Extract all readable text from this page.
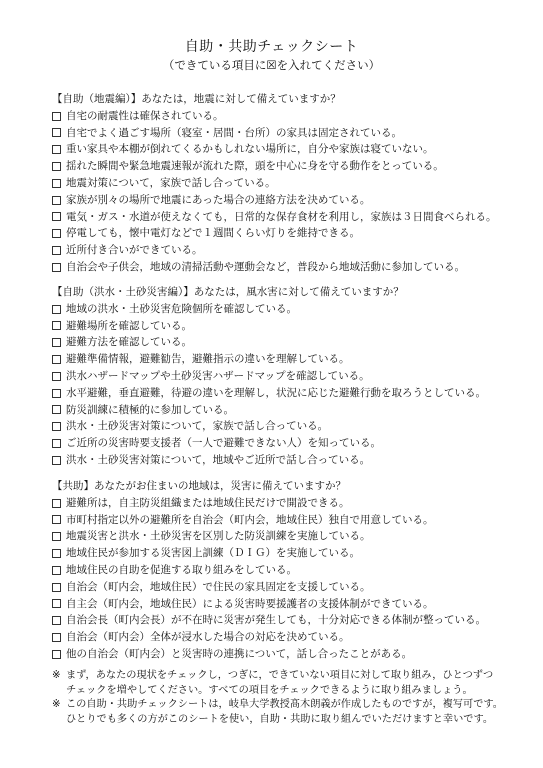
自助・共助チェックシート
（できている項目に☒を入れてください）
【自助（地震編）】あなたは，地震に対して備えていますか？
自宅の耐震性は確保されている。
自宅でよく過ごす場所（寝室・居間・台所）の家具は固定されている。
重い家具や本棚が倒れてくるかもしれない場所に，自分や家族は寝ていない。
揺れた瞬間や緊急地震速報が流れた際，頭を中心に身を守る動作をとっている。
地震対策について，家族で話し合っている。
家族が別々の場所で地震にあった場合の連絡方法を決めている。
電気・ガス・水道が使えなくても，日常的な保存食材を利用し，家族は３日間食べられる。
停電しても，懐中電灯などで１週間くらい灯りを維持できる。
近所付き合いができている。
自治会や子供会，地域の清掃活動や運動会など，普段から地域活動に参加している。
【自助（洪水・土砂災害編）】あなたは，風水害に対して備えていますか？
地域の洪水・土砂災害危険個所を確認している。
避難場所を確認している。
避難方法を確認している。
避難準備情報，避難勧告，避難指示の違いを理解している。
洪水ハザードマップや土砂災害ハザードマップを確認している。
水平避難，垂直避難，待避の違いを理解し，状況に応じた避難行動を取ろうとしている。
防災訓練に積極的に参加している。
洪水・土砂災害対策について，家族で話し合っている。
ご近所の災害時要支援者（一人で避難できない人）を知っている。
洪水・土砂災害対策について，地域やご近所で話し合っている。
【共助】あなたがお住まいの地域は，災害に備えていますか？
避難所は，自主防災組織または地域住民だけで開設できる。
市町村指定以外の避難所を自治会（町内会，地域住民）独自で用意している。
地震災害と洪水・土砂災害を区別した防災訓練を実施している。
地域住民が参加する災害図上訓練（ＤＩＧ）を実施している。
地域住民の自助を促進する取り組みをしている。
自治会（町内会，地域住民）で住民の家具固定を支援している。
自主会（町内会，地域住民）による災害時要援護者の支援体制ができている。
自治会長（町内会長）が不在時に災害が発生しても，十分対応できる体制が整っている。
自治会（町内会）全体が浸水した場合の対応を決めている。
他の自治会（町内会）と災害時の連携について，話し合ったことがある。
※ まず，あなたの現状をチェックし，つぎに，できていない項目に対して取り組み，ひとつずつ
チェックを増やしてください。すべての項目をチェックできるように取り組みましょう。
※ この自助・共助チェックシートは，岐阜大学教授髙木朗義が作成したものですが，複写可です。
ひとりでも多くの方がこのシートを使い，自助・共助に取り組んでいただけますと幸いです。
